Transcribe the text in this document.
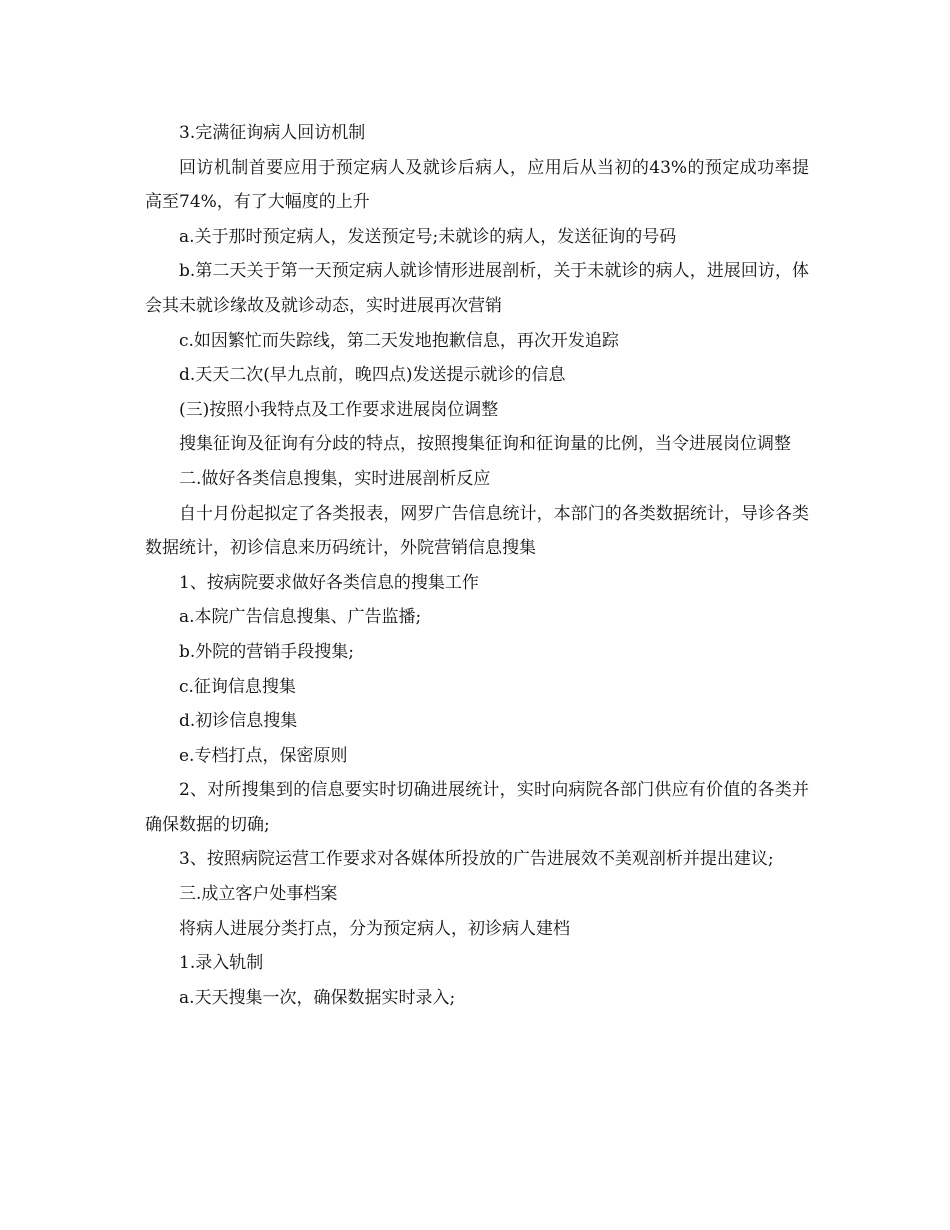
3.完满征询病人回访机制

回访机制首要应用于预定病人及就诊后病人，应用后从当初的43%的预定成功率提高至74%，有了大幅度的上升

a.关于那时预定病人，发送预定号;未就诊的病人，发送征询的号码

b.第二天关于第一天预定病人就诊情形进展剖析，关于未就诊的病人，进展回访，体会其未就诊缘故及就诊动态，实时进展再次营销

c.如因繁忙而失踪线，第二天发地抱歉信息，再次开发追踪

d.天天二次(早九点前，晚四点)发送提示就诊的信息

(三)按照小我特点及工作要求进展岗位调整

搜集征询及征询有分歧的特点，按照搜集征询和征询量的比例，当令进展岗位调整

二.做好各类信息搜集，实时进展剖析反应

自十月份起拟定了各类报表，网罗广告信息统计，本部门的各类数据统计，导诊各类数据统计，初诊信息来历码统计，外院营销信息搜集

1、按病院要求做好各类信息的搜集工作

a.本院广告信息搜集、广告监播;

b.外院的营销手段搜集;

c.征询信息搜集

d.初诊信息搜集

e.专档打点，保密原则

2、对所搜集到的信息要实时切确进展统计，实时向病院各部门供应有价值的各类并确保数据的切确;

3、按照病院运营工作要求对各媒体所投放的广告进展效不美观剖析并提出建议;

三.成立客户处事档案

将病人进展分类打点，分为预定病人，初诊病人建档

1.录入轨制

a.天天搜集一次，确保数据实时录入;
